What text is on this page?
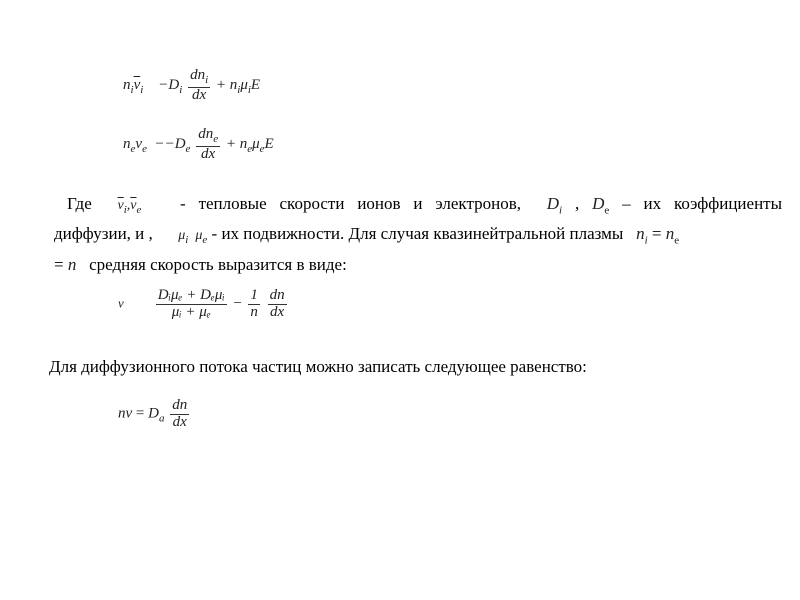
$n_i\overline{v}_i$    $-D_i \frac{dn_i}{dx} + n_i\mu_iE$
$n_ev_e --D_e \frac{dn_e}{dx} + n_e\mu_eE$
Где $\overline{v}_i,\overline{v}_e$ - тепловые скорости ионов и электронов, $D_i$ , $D_e$ – их коэффициенты
диффузии, и , $\mu_i$ $\mu_e$ - их подвижности. Для случая квазинейтральной плазмы $n_i = n_e$
= n средняя скорость выразится в виде:
v $\frac{\text{Dᵢμₑ + Dₑμᵢ}}{\text{μᵢ + μₑ}} - \frac{1}{n}$
$\frac{dn}{dx}$
Для диффузионного потока частиц можно записать следующее равенство:
nv = $D_a \frac{dn}{dx}$
